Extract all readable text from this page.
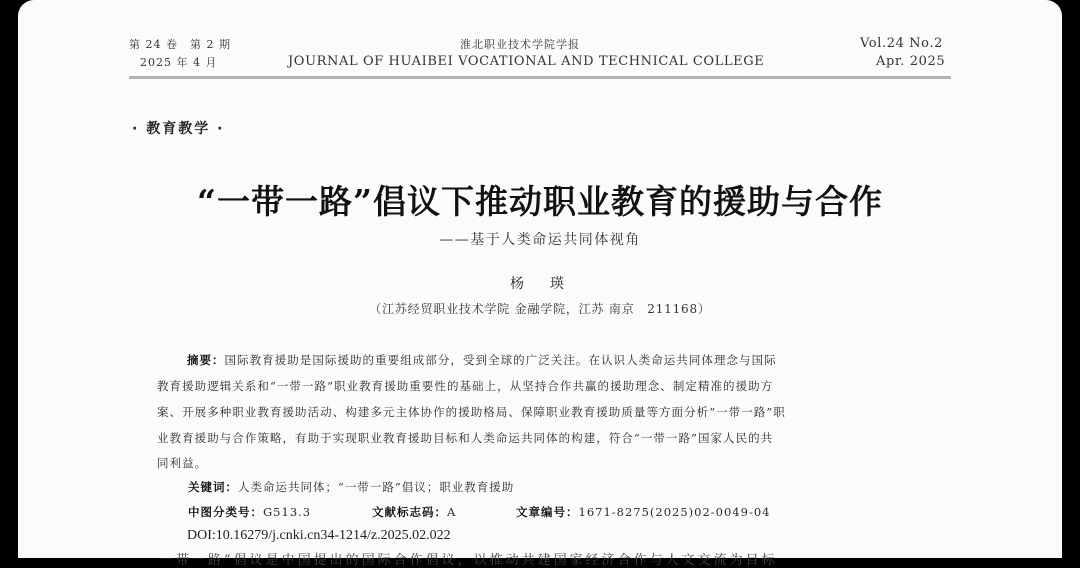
第 24 卷　第 2 期
2025 年 4 月
淮北职业技术学院学报
JOURNAL OF HUAIBEI VOCATIONAL AND TECHNICAL COLLEGE
Vol.24 No.2
Apr. 2025
· 教育教学 ·
“一带一路”倡议下推动职业教育的援助与合作
——基于人类命运共同体视角
杨　瑛
（江苏经贸职业技术学院 金融学院，江苏 南京　211168）
摘要：国际教育援助是国际援助的重要组成部分，受到全球的广泛关注。在认识人类命运共同体理念与国际
教育援助逻辑关系和“一带一路”职业教育援助重要性的基础上，从坚持合作共赢的援助理念、制定精准的援助方
案、开展多种职业教育援助活动、构建多元主体协作的援助格局、保障职业教育援助质量等方面分析“一带一路”职
业教育援助与合作策略，有助于实现职业教育援助目标和人类命运共同体的构建，符合“一带一路”国家人民的共
同利益。
关键词：人类命运共同体；“一带一路”倡议；职业教育援助
中图分类号：G513.3	文献标志码：A	文章编号：1671-8275(2025)02-0049-04
DOI:10.16279/j.cnki.cn34-1214/z.2025.02.022
一带一路”倡议是中国提出的国际合作倡议，以推动共建国家经济合作与人文交流为目标
